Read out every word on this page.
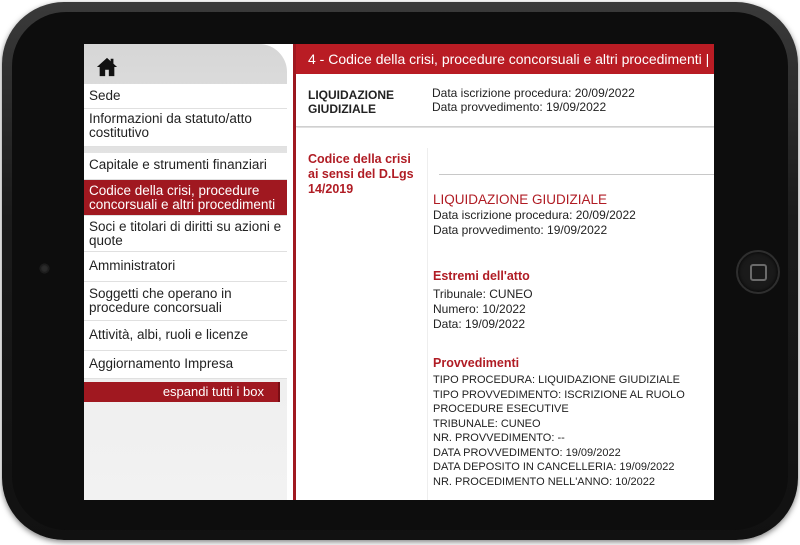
Sede
Informazioni da statuto/atto costitutivo
Capitale e strumenti finanziari
Codice della crisi, procedure concorsuali e altri procedimenti
Soci e titolari di diritti su azioni e quote
Amministratori
Soggetti che operano in procedure concorsuali
Attività, albi, ruoli e licenze
Aggiornamento Impresa
espandi tutti i box
4 - Codice della crisi, procedure concorsuali e altri procedimenti |
LIQUIDAZIONE GIUDIZIALE
Data iscrizione procedura: 20/09/2022
Data provvedimento: 19/09/2022
Codice della crisi ai sensi del D.Lgs 14/2019
LIQUIDAZIONE GIUDIZIALE
Data iscrizione procedura: 20/09/2022
Data provvedimento: 19/09/2022
Estremi dell'atto
Tribunale: CUNEO
Numero: 10/2022
Data: 19/09/2022
Provvedimenti
TIPO PROCEDURA: LIQUIDAZIONE GIUDIZIALE
TIPO PROVVEDIMENTO: ISCRIZIONE AL RUOLO
PROCEDURE ESECUTIVE
TRIBUNALE: CUNEO
NR. PROVVEDIMENTO: --
DATA PROVVEDIMENTO: 19/09/2022
DATA DEPOSITO IN CANCELLERIA: 19/09/2022
NR. PROCEDIMENTO NELL'ANNO: 10/2022
